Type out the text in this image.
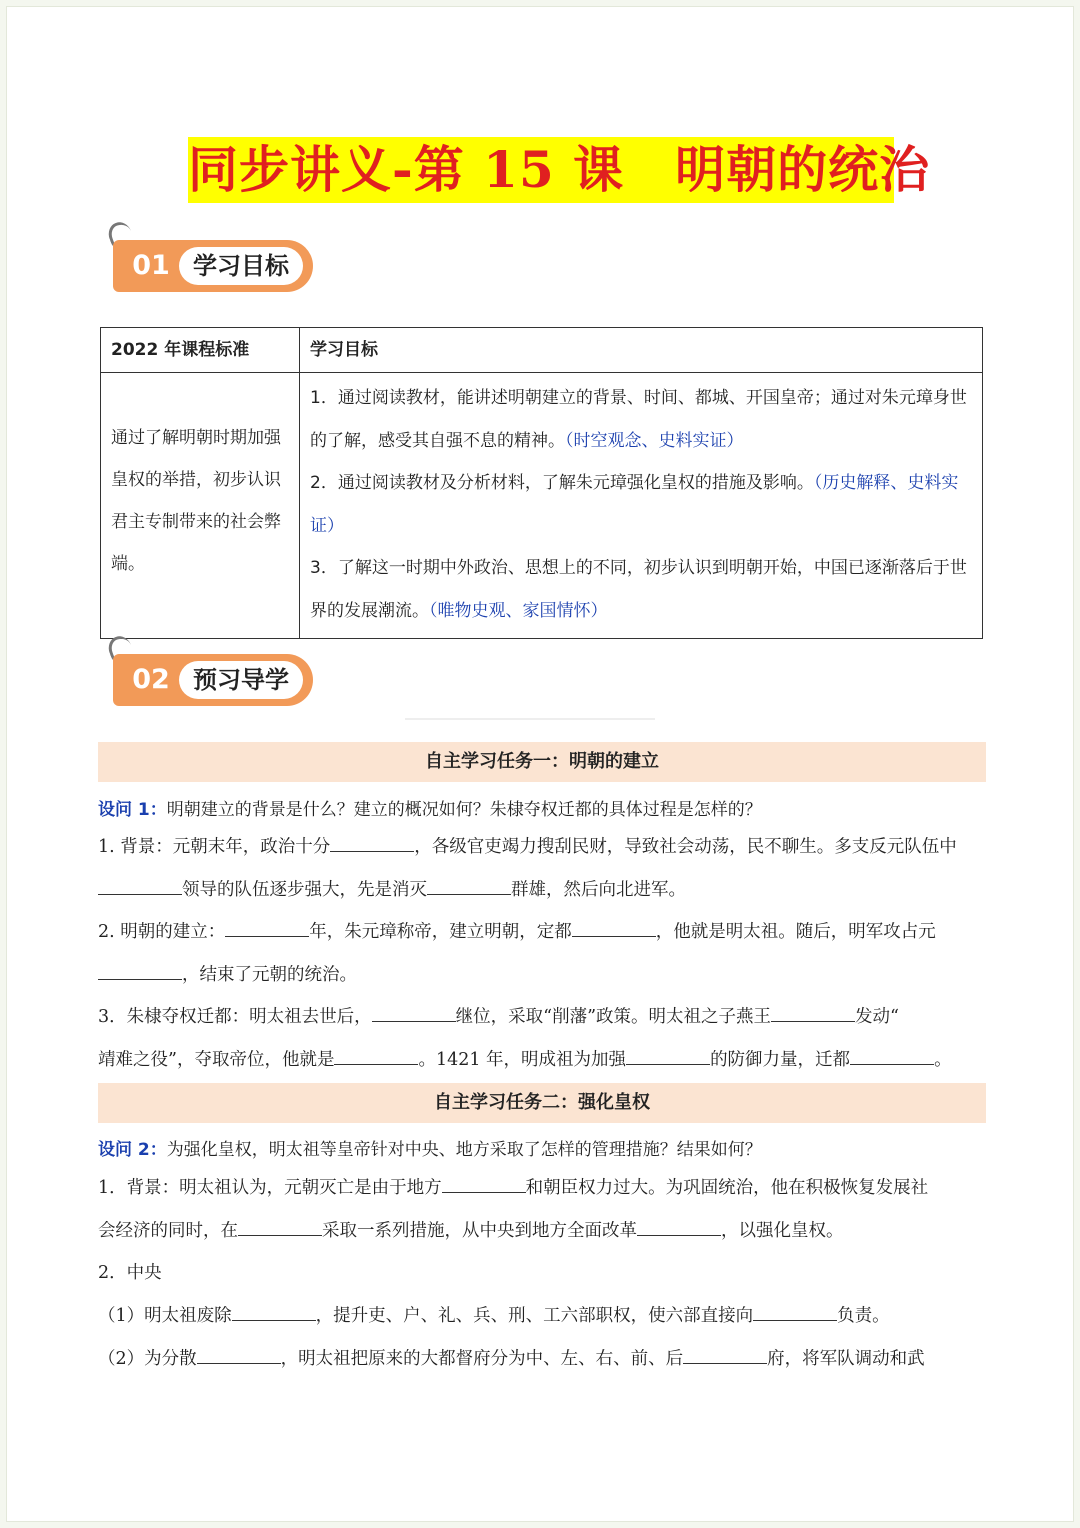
同步讲义-第 15 课　明朝的统治
01 学习目标
2022 年课程标准	学习目标
通过了解明朝时期加强皇权的举措，初步认识君主专制带来的社会弊端。	1．通过阅读教材，能讲述明朝建立的背景、时间、都城、开国皇帝；通过对朱元璋身世的了解，感受其自强不息的精神。（时空观念、史料实证）
2．通过阅读教材及分析材料，了解朱元璋强化皇权的措施及影响。（历史解释、史料实证）
3．了解这一时期中外政治、思想上的不同，初步认识到明朝开始，中国已逐渐落后于世界的发展潮流。（唯物史观、家国情怀）
02 预习导学
自主学习任务一：明朝的建立
设问 1：明朝建立的背景是什么？建立的概况如何？朱棣夺权迁都的具体过程是怎样的？
1. 背景：元朝末年，政治十分	，各级官吏竭力搜刮民财，导致社会动荡，民不聊生。多支反元队伍中
领导的队伍逐步强大，先是消灭	群雄，然后向北进军。
2. 明朝的建立：	年，朱元璋称帝，建立明朝，定都	，他就是明太祖。随后，明军攻占元
，结束了元朝的统治。
3．朱棣夺权迁都：明太祖去世后，	继位，采取“削藩”政策。明太祖之子燕王	发动“
靖难之役”，夺取帝位，他就是	。1421 年，明成祖为加强	的防御力量，迁都	。
自主学习任务二：强化皇权
设问 2：为强化皇权，明太祖等皇帝针对中央、地方采取了怎样的管理措施？结果如何？
1．背景：明太祖认为，元朝灭亡是由于地方	和朝臣权力过大。为巩固统治，他在积极恢复发展社
会经济的同时，在	采取一系列措施，从中央到地方全面改革	，以强化皇权。
2．中央
（1）明太祖废除	，提升吏、户、礼、兵、刑、工六部职权，使六部直接向	负责。
（2）为分散	，明太祖把原来的大都督府分为中、左、右、前、后	府，将军队调动和武
